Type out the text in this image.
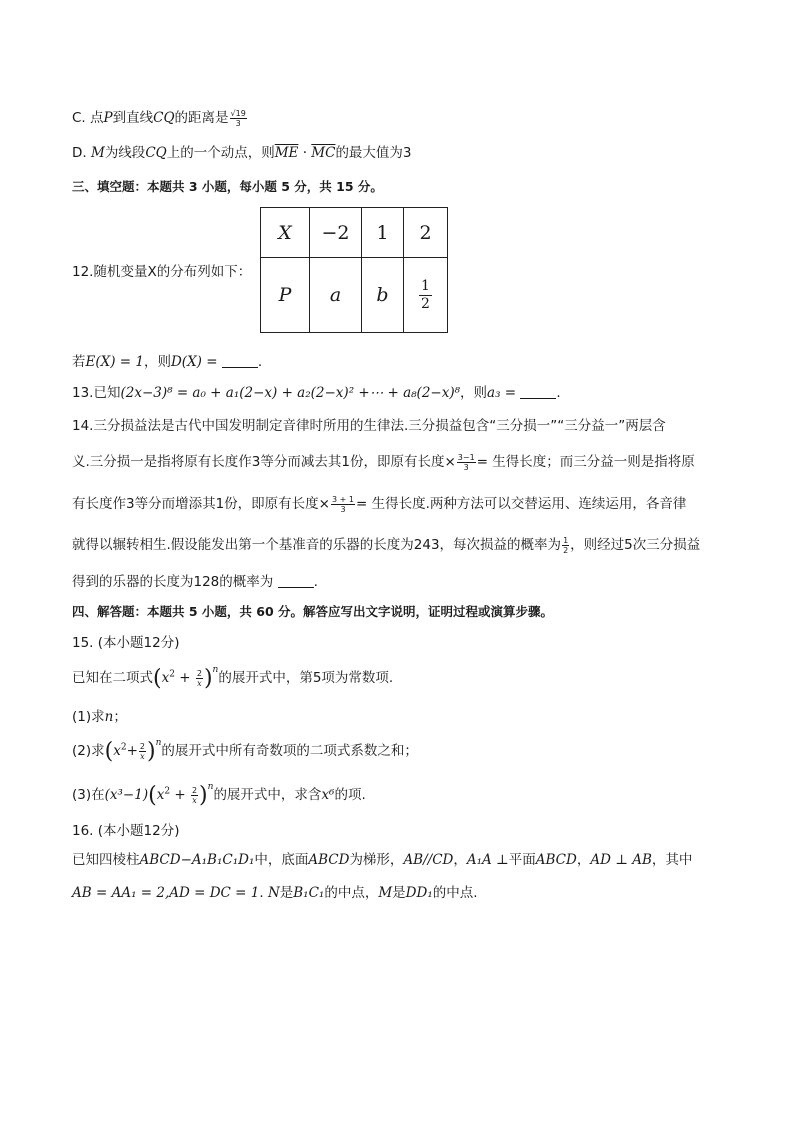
C. 点P到直线CQ的距离是 $\frac{√19}{3}$
D. M为线段CQ上的一个动点，则$\overline{ME} \cdot \overline{MC}$的最大值为3
三、填空题：本题共 3 小题，每小题 5 分，共 15 分。
12.随机变量X的分布列如下：
X	−2	1	2
P	a	b	$\frac{1}{2}$
若E(X) = 1，则D(X) =	.
13.已知(2x−3)⁸ = a₀ + a₁(2−x) + a₂(2−x)² +⋯ + a₈(2−x)⁸，则a₃ =	.
14.三分损益法是古代中国发明制定音律时所用的生律法.三分损益包含“三分损一”“三分益一”两层含
义.三分损一是指将原有长度作3等分而减去其1份，即原有长度× $\frac{3-1}{3}$ = 生得长度；而三分益一则是指将原
有长度作3等分而增添其1份，即原有长度× $\frac{3 + 1}{3}$ = 生得长度.两种方法可以交替运用、连续运用，各音律
就得以辗转相生.假设能发出第一个基准音的乐器的长度为243，每次损益的概率为 $\frac{1}{2}$ ，则经过5次三分损益
得到的乐器的长度为128的概率为	.
四、解答题：本题共 5 小题，共 60 分。解答应写出文字说明，证明过程或演算步骤。
15. (本小题12分)
已知在二项式$(x^2 + \frac{2}{x} )^n$的展开式中，第5项为常数项.
(1)求n；
(2)求$(x^2+ \frac{2}{x} )^n$的展开式中所有奇数项的二项式系数之和；
(3)在$(x^3-1)(x^2 + \frac{2}{x} )^n$的展开式中，求含x⁶的项.
16. (本小题12分)
已知四棱柱ABCD−A₁B₁C₁D₁中，底面ABCD为梯形，AB//CD，A₁A ⊥平面ABCD，AD ⊥ AB，其中
AB = AA₁ = 2,AD = DC = 1. N是B₁C₁的中点，M是DD₁的中点.
